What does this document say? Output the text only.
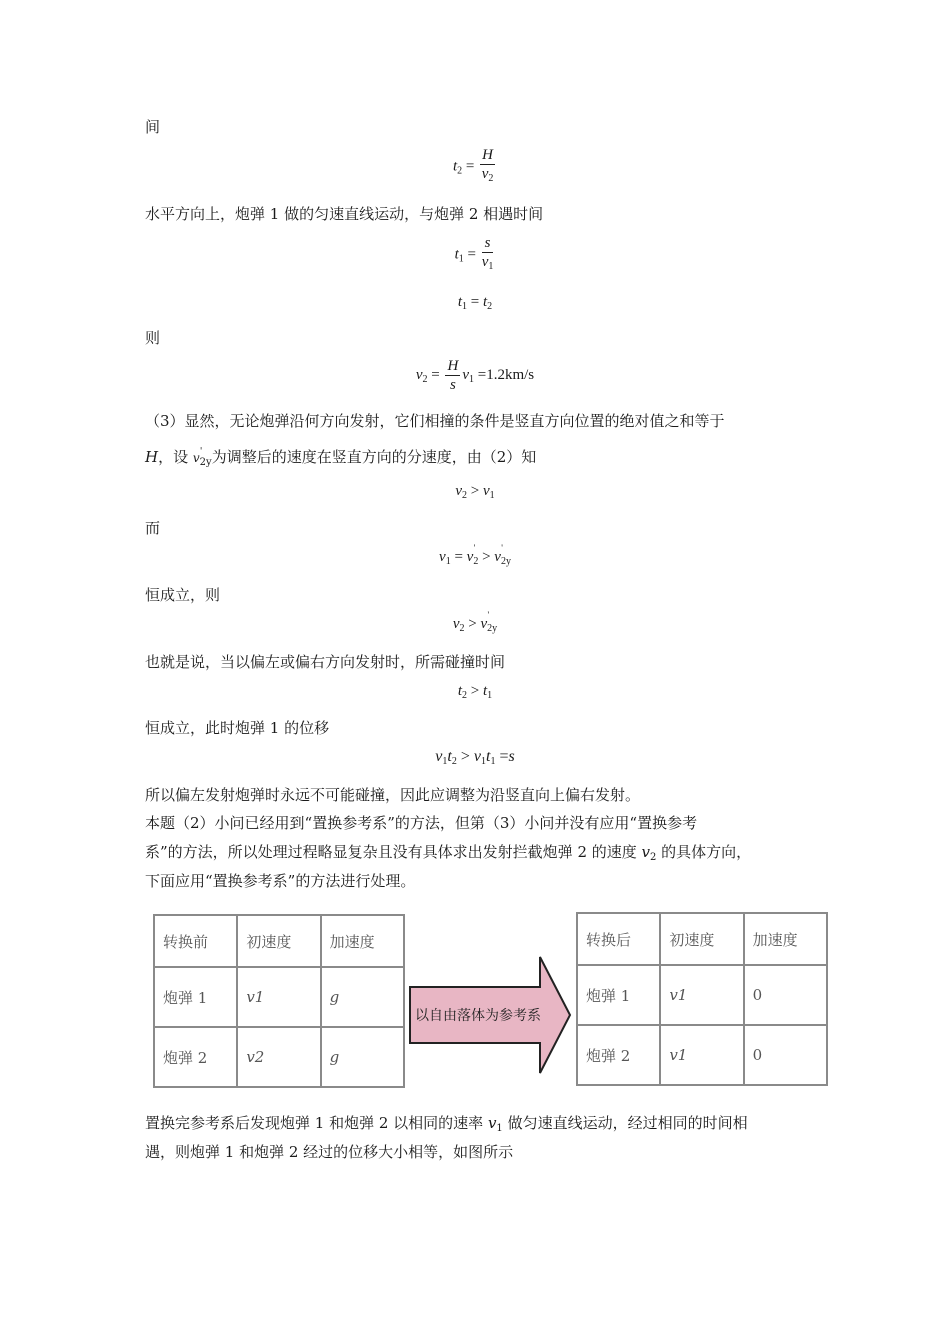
间
$t_2 = \frac{H}{v_2}$
水平方向上，炮弹 1 做的匀速直线运动，与炮弹 2 相遇时间
$t_1 = \frac{s}{v_1}$
$t_1 = t_2$
则
$v_2 = \frac{H}{s} v_1 =1.2km/s$
（3）显然，无论炮弹沿何方向发射，它们相撞的条件是竖直方向位置的绝对值之和等于
H，设 v '
$_{2y}$为调整后的速度在竖直方向的分速度，由（2）知
$v_2 > v_1$
而
$v_1 = v$
'
$_2$ > v
'
$_{2y}$
恒成立，则
$v_2 > v$
'
$_{2y}$
也就是说，当以偏左或偏右方向发射时，所需碰撞时间
$t_2 > t_1$
恒成立，此时炮弹 1 的位移
$v_1t_2 > v_1t_1 =s$
所以偏左发射炮弹时永远不可能碰撞，因此应调整为沿竖直向上偏右发射。
本题（2）小问已经用到“置换参考系”的方法，但第（3）小问并没有应用“置换参考
系”的方法，所以处理过程略显复杂且没有具体求出发射拦截炮弹 2 的速度 $v_2$ 的具体方向，
下面应用“置换参考系”的方法进行处理。
转换前	初速度	加速度
炮弹 1	v1	g
炮弹 2	v2	g
以自由落体为参考系
转换后	初速度	加速度
炮弹 1	v1	0
炮弹 2	v1	0
置换完参考系后发现炮弹 1 和炮弹 2 以相同的速率 $v_1$ 做匀速直线运动，经过相同的时间相
遇，则炮弹 1 和炮弹 2 经过的位移大小相等，如图所示
